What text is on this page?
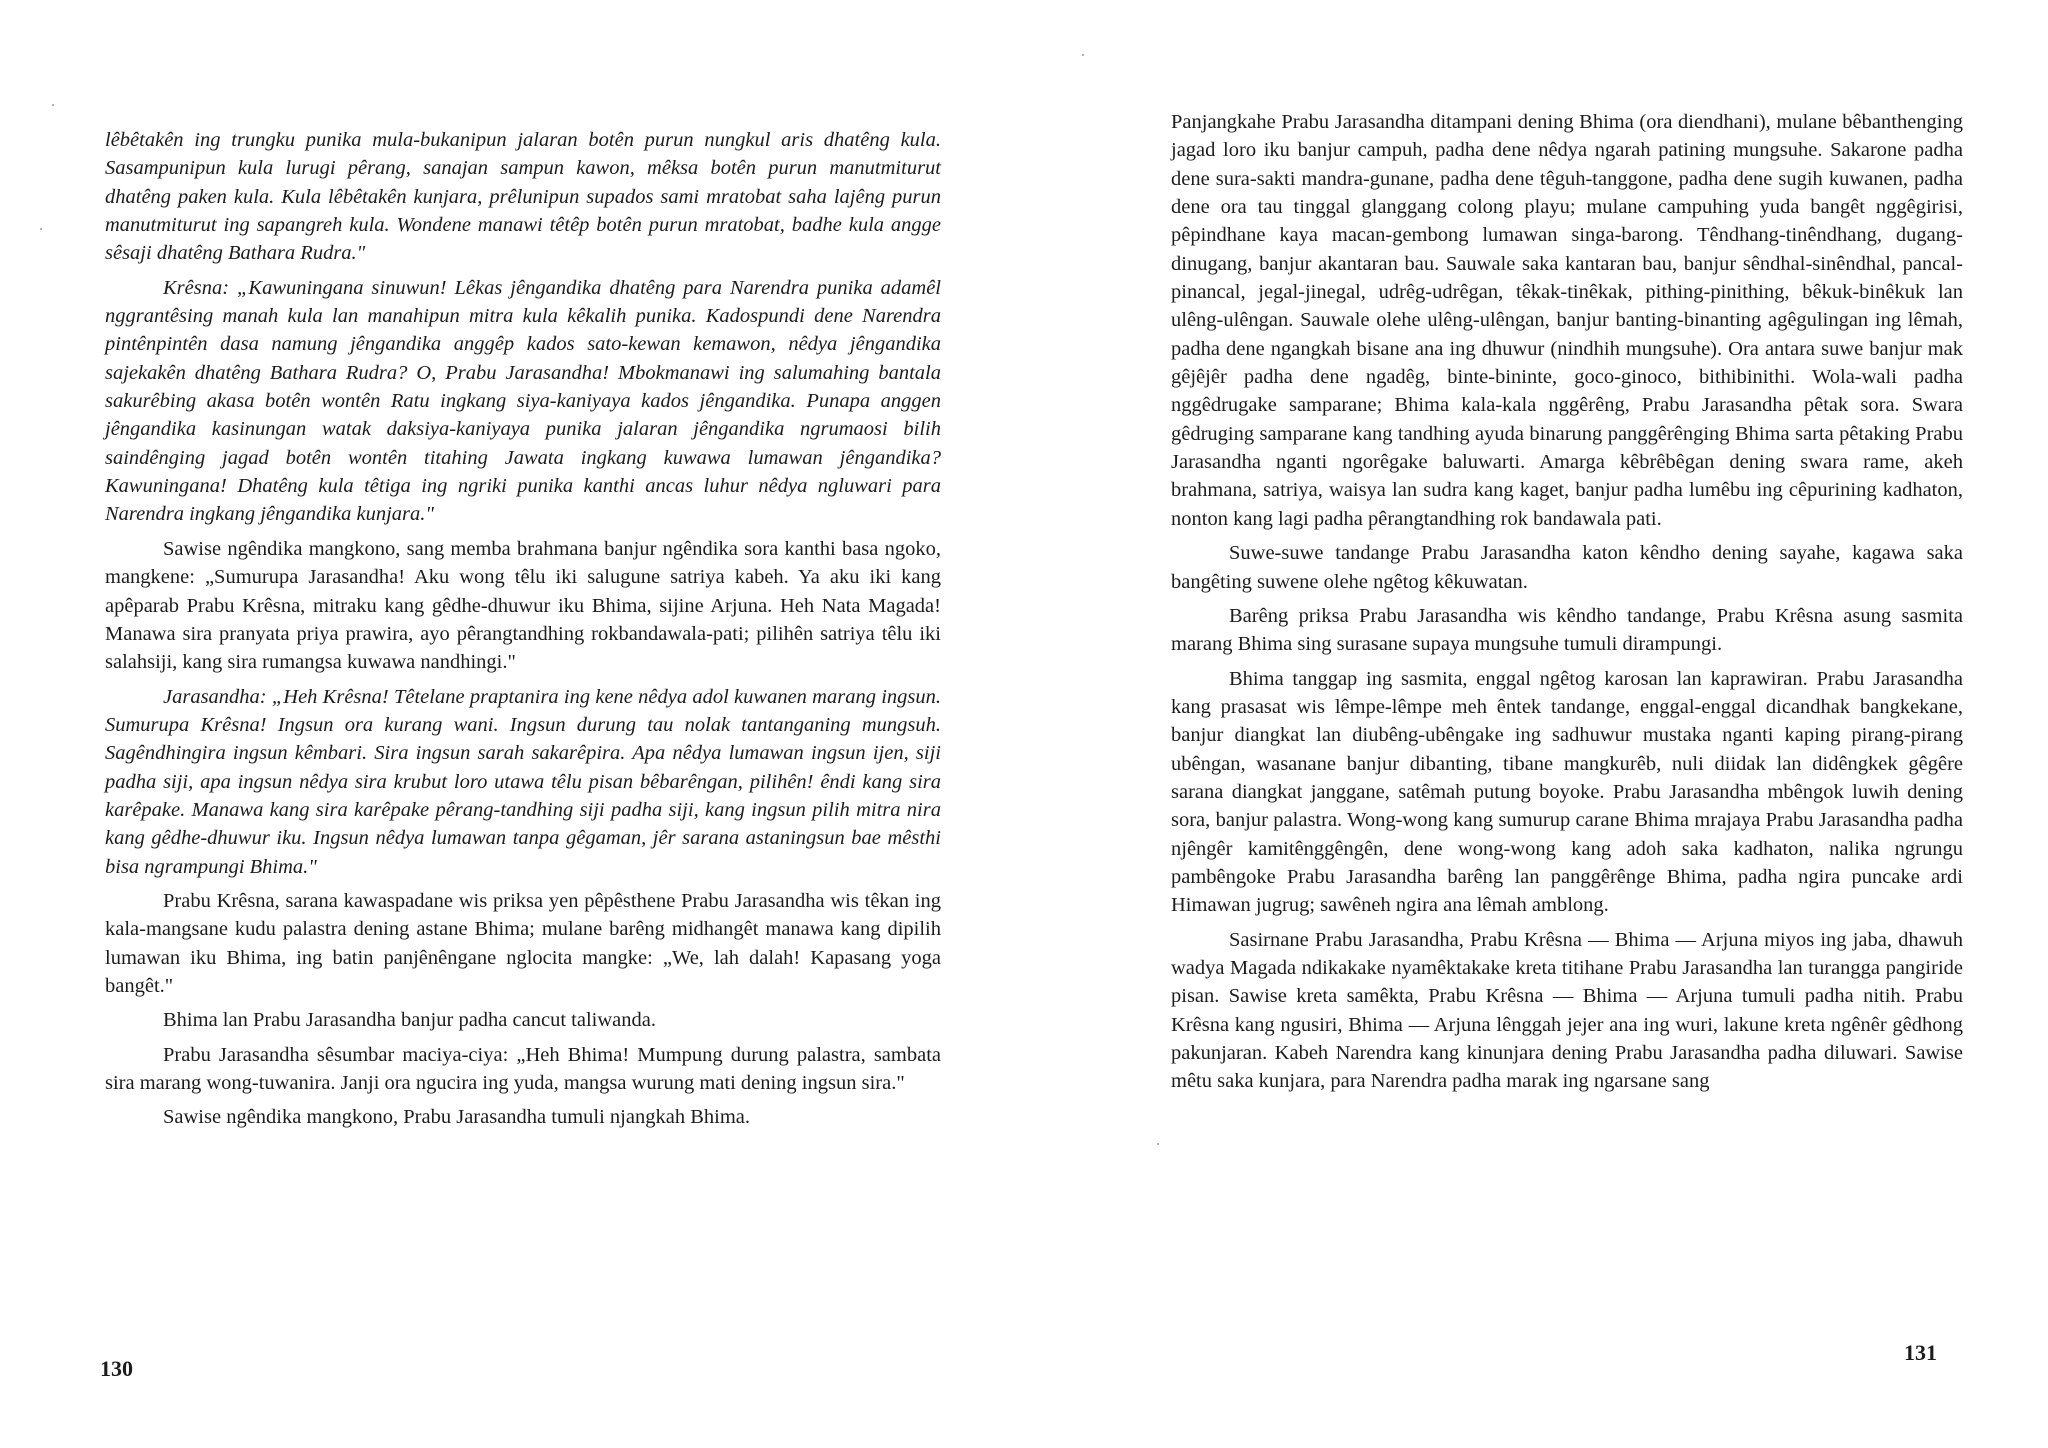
lêbêtakên ing trungku punika mula-bukanipun jalaran botên purun nungkul aris dhatêng kula. Sasampunipun kula lurugi pêrang, sanajan sampun kawon, mêksa botên purun manutmiturut dhatêng paken kula. Kula lêbêtakên kunjara, prêlunipun supados sami mratobat saha lajêng purun manutmiturut ing sapangreh kula. Wondene manawi têtêp botên purun mratobat, badhe kula angge sêsaji dhatêng Bathara Rudra."

Krêsna: „Kawuningana sinuwun! Lêkas jêngandika dhatêng para Narendra punika adamêl nggrantêsing manah kula lan manahipun mitra kula kêkalih punika. Kadospundi dene Narendra pintênpintên dasa namung jêngandika anggêp kados sato-kewan kemawon, nêdya jêngandika sajekakên dhatêng Bathara Rudra? O, Prabu Jarasandha! Mbokmanawi ing salumahing bantala sakurêbing akasa botên wontên Ratu ingkang siya-kaniyaya kados jêngandika. Punapa anggen jêngandika kasinungan watak daksiya-kaniyaya punika jalaran jêngandika ngrumaosi bilih saindênging jagad botên wontên titahing Jawata ingkang kuwawa lumawan jêngandika? Kawuningana! Dhatêng kula têtiga ing ngriki punika kanthi ancas luhur nêdya ngluwari para Narendra ingkang jêngandika kunjara."

Sawise ngêndika mangkono, sang memba brahmana banjur ngêndika sora kanthi basa ngoko, mangkene: „Sumurupa Jarasandha! Aku wong têlu iki salugune satriya kabeh. Ya aku iki kang apêparab Prabu Krêsna, mitraku kang gêdhe-dhuwur iku Bhima, sijine Arjuna. Heh Nata Magada! Manawa sira pranyata priya prawira, ayo pêrangtandhing rokbandawala-pati; pilihên satriya têlu iki salahsiji, kang sira rumangsa kuwawa nandhingi."

Jarasandha: „Heh Krêsna! Têtelane praptanira ing kene nêdya adol kuwanen marang ingsun. Sumurupa Krêsna! Ingsun ora kurang wani. Ingsun durung tau nolak tantanganing mungsuh. Sagêndhingira ingsun kêmbari. Sira ingsun sarah sakarêpira. Apa nêdya lumawan ingsun ijen, siji padha siji, apa ingsun nêdya sira krubut loro utawa têlu pisan bêbarêngan, pilihên! êndi kang sira karêpake. Manawa kang sira karêpake pêrang-tandhing siji padha siji, kang ingsun pilih mitra nira kang gêdhe-dhuwur iku. Ingsun nêdya lumawan tanpa gêgaman, jêr sarana astaningsun bae mêsthi bisa ngrampungi Bhima."

Prabu Krêsna, sarana kawaspadane wis priksa yen pêpêsthene Prabu Jarasandha wis têkan ing kala-mangsane kudu palastra dening astane Bhima; mulane barêng midhangêt manawa kang dipilih lumawan iku Bhima, ing batin panjênêngane nglocita mangke: „We, lah dalah! Kapasang yoga bangêt."

Bhima lan Prabu Jarasandha banjur padha cancut taliwanda.

Prabu Jarasandha sêsumbar maciya-ciya: „Heh Bhima! Mumpung durung palastra, sambata sira marang wong-tuwanira. Janji ora ngucira ing yuda, mangsa wurung mati dening ingsun sira."

Sawise ngêndika mangkono, Prabu Jarasandha tumuli njangkah Bhima.

130

Panjangkahe Prabu Jarasandha ditampani dening Bhima (ora diendhani), mulane bêbanthenging jagad loro iku banjur campuh, padha dene nêdya ngarah patining mungsuhe. Sakarone padha dene sura-sakti mandra-gunane, padha dene têguh-tanggone, padha dene sugih kuwanen, padha dene ora tau tinggal glanggang colong playu; mulane campuhing yuda bangêt nggêgirisi, pêpindhane kaya macan-gembong lumawan singa-barong. Têndhang-tinêndhang, dugang-dinugang, banjur akantaran bau. Sauwale saka kantaran bau, banjur sêndhal-sinêndhal, pancal-pinancal, jegal-jinegal, udrêg-udrêgan, têkak-tinêkak, pithing-pinithing, bêkuk-binêkuk lan ulêng-ulêngan. Sauwale olehe ulêng-ulêngan, banjur banting-binanting agêgulingan ing lêmah, padha dene ngangkah bisane ana ing dhuwur (nindhih mungsuhe). Ora antara suwe banjur mak gêjêjêr padha dene ngadêg, binte-bininte, goco-ginoco, bithibinithi. Wola-wali padha nggêdrugake samparane; Bhima kala-kala nggêrêng, Prabu Jarasandha pêtak sora. Swara gêdruging samparane kang tandhing ayuda binarung panggêrênging Bhima sarta pêtaking Prabu Jarasandha nganti ngorêgake baluwarti. Amarga kêbrêbêgan dening swara rame, akeh brahmana, satriya, waisya lan sudra kang kaget, banjur padha lumêbu ing cêpurining kadhaton, nonton kang lagi padha pêrangtandhing rok bandawala pati.

Suwe-suwe tandange Prabu Jarasandha katon kêndho dening sayahe, kagawa saka bangêting suwene olehe ngêtog kêkuwatan.

Barêng priksa Prabu Jarasandha wis kêndho tandange, Prabu Krêsna asung sasmita marang Bhima sing surasane supaya mungsuhe tumuli dirampungi.

Bhima tanggap ing sasmita, enggal ngêtog karosan lan kaprawiran. Prabu Jarasandha kang prasasat wis lêmpe-lêmpe meh êntek tandange, enggal-enggal dicandhak bangkekane, banjur diangkat lan diubêng-ubêngake ing sadhuwur mustaka nganti kaping pirang-pirang ubêngan, wasanane banjur dibanting, tibane mangkurêb, nuli diidak lan didêngkek gêgêre sarana diangkat janggane, satêmah putung boyoke. Prabu Jarasandha mbêngok luwih dening sora, banjur palastra. Wong-wong kang sumurup carane Bhima mrajaya Prabu Jarasandha padha njêngêr kamitênggêngên, dene wong-wong kang adoh saka kadhaton, nalika ngrungu pambêngoke Prabu Jarasandha barêng lan panggêrênge Bhima, padha ngira puncake ardi Himawan jugrug; sawêneh ngira ana lêmah amblong.

Sasirnane Prabu Jarasandha, Prabu Krêsna — Bhima — Arjuna miyos ing jaba, dhawuh wadya Magada ndikakake nyamêktakake kreta titihane Prabu Jarasandha lan turangga pangiride pisan. Sawise kreta samêkta, Prabu Krêsna — Bhima — Arjuna tumuli padha nitih. Prabu Krêsna kang ngusiri, Bhima — Arjuna lênggah jejer ana ing wuri, lakune kreta ngênêr gêdhong pakunjaran. Kabeh Narendra kang kinunjara dening Prabu Jarasandha padha diluwari. Sawise mêtu saka kunjara, para Narendra padha marak ing ngarsane sang

131
